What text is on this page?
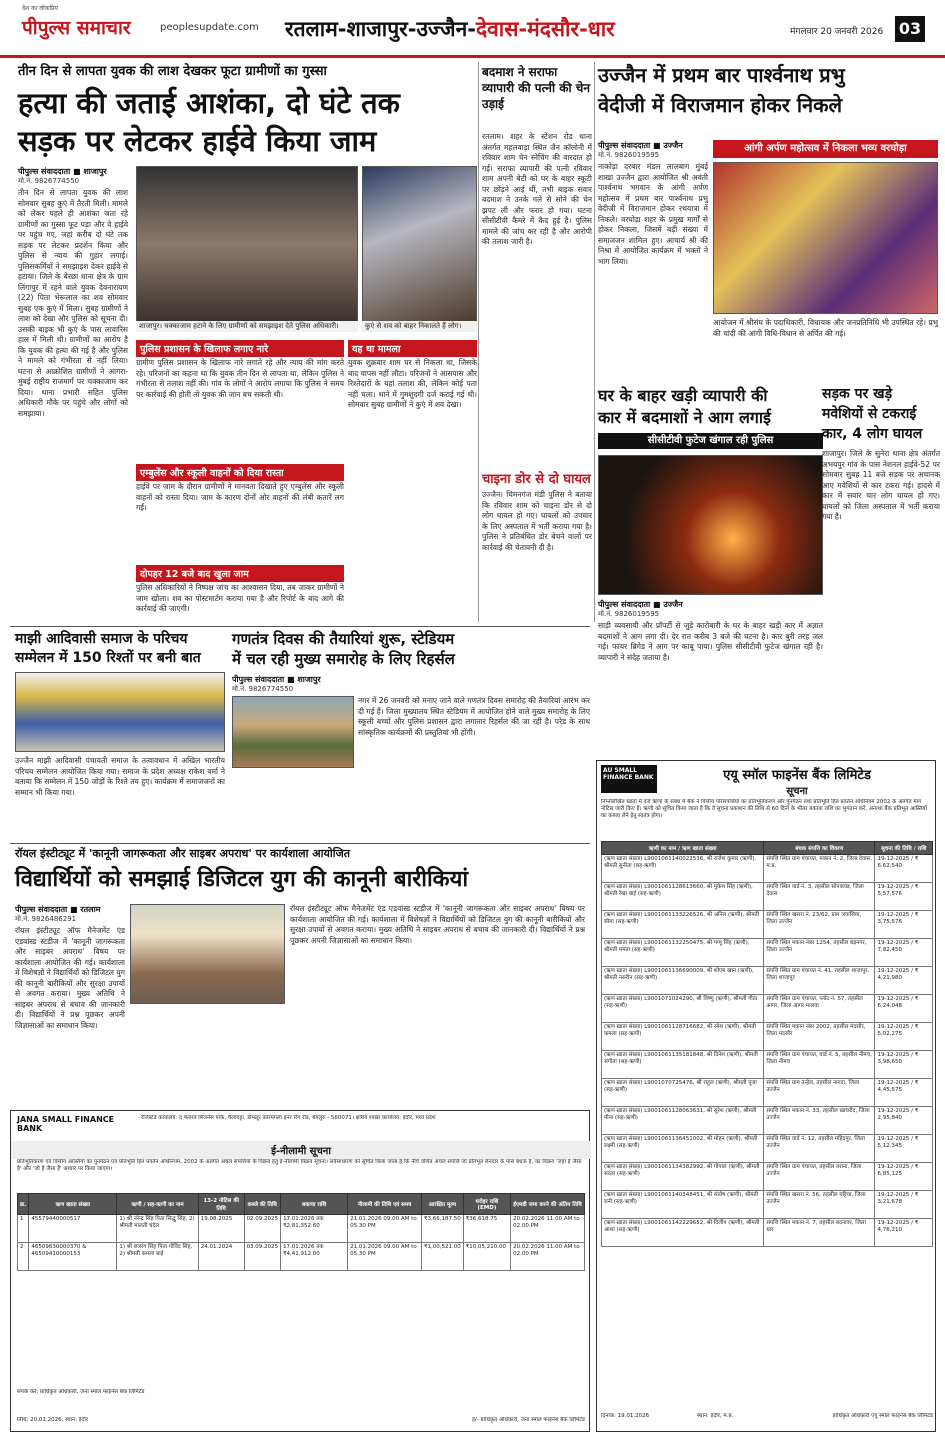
देश का लोकप्रिय
पीपुल्स समाचार	peoplesupdate.com रतलाम-शाजापुर-उज्जैन-देवास-मंदसौर-धार	मंगलवार 20 जनवरी 2026 03
तीन दिन से लापता युवक की लाश देखकर फूटा ग्रामीणों का गुस्सा
हत्या की जताई आशंका, दो घंटे तक
सड़क पर लेटकर हाईवे किया जाम
पीपुल्स संवाददाता ■ शाजापुर
मो.नं. 9826774550
तीन दिन से लापता युवक की लाश सोमवार सुबह कुएं में तैरती मिली। मामले को लेकर पहले ही आशंका जता रहे ग्रामीणों का गुस्सा फूट पड़ा और वे हाईवे पर पहुंच गए, जहां करीब दो घंटे तक सड़क पर लेटकर प्रदर्शन किया और पुलिस से न्याय की गुहार लगाई। पुलिसकर्मियों ने समझाइश देकर हाईवे से हटाया। जिले के बेरछा थाना क्षेत्र के ग्राम लिंगापुर में रहने वाले युवक देवनारायण (22) पिता भेरूलाल का शव सोमवार सुबह एक कुएं में मिला। सुबह ग्रामीणों ने लाश को देखा और पुलिस को सूचना दी। उसकी बाइक भी कुएं के पास लावारिस हाल में मिली थी। ग्रामीणों का आरोप है कि युवक की हत्या की गई है और पुलिस ने मामले को गंभीरता से नहीं लिया। घटना से आक्रोशित ग्रामीणों ने आगरा-मुंबई राष्ट्रीय राजमार्ग पर चक्काजाम कर दिया। थाना प्रभारी सहित पुलिस अधिकारी मौके पर पहुंचे और लोगों को समझाया।
शाजापुर। चक्काजाम हटाने के लिए ग्रामीणों को समझाइश देते पुलिस अधिकारी।	कुएं से शव को बाहर निकालते हैं लोग।
पुलिस प्रशासन के खिलाफ लगाए नारे
ग्रामीण पुलिस प्रशासन के खिलाफ नारे लगाते रहे और न्याय की मांग करते रहे। परिजनों का कहना था कि युवक तीन दिन से लापता था, लेकिन पुलिस ने गंभीरता से तलाश नहीं की। गांव के लोगों ने आरोप लगाया कि पुलिस ने समय पर कार्रवाई की होती तो युवक की जान बच सकती थी।
एम्बुलेंस और स्कूली वाहनों को दिया रास्ता
हाईवे पर जाम के दौरान ग्रामीणों ने मानवता दिखाते हुए एम्बुलेंस और स्कूली वाहनों को रास्ता दिया। जाम के कारण दोनों ओर वाहनों की लंबी कतारें लग गईं।
दोपहर 12 बजे बाद खुला जाम
पुलिस अधिकारियों ने निष्पक्ष जांच का आश्वासन दिया, तब जाकर ग्रामीणों ने जाम खोला। शव का पोस्टमार्टम कराया गया है और रिपोर्ट के बाद आगे की कार्रवाई की जाएगी।
यह था मामला
युवक शुक्रवार शाम घर से निकला था, जिसके बाद वापस नहीं लौटा। परिजनों ने आसपास और रिश्तेदारों के यहां तलाश की, लेकिन कोई पता नहीं चला। थाने में गुमशुदगी दर्ज कराई गई थी। सोमवार सुबह ग्रामीणों ने कुएं में शव देखा।
बदमाश ने सराफा व्यापारी की पत्नी की चेन उड़ाई
रतलाम। शहर के स्टेशन रोड थाना अंतर्गत महलवाड़ा स्थित जैन कॉलोनी में रविवार शाम चेन स्नेचिंग की वारदात हो गई। सराफा व्यापारी की पत्नी रविवार शाम अपनी बेटी को घर के बाहर स्कूटी पर छोड़ने आई थीं, तभी बाइक सवार बदमाश ने उनके गले से सोने की चेन झपट ली और फरार हो गया। घटना सीसीटीवी कैमरे में कैद हुई है। पुलिस मामले की जांच कर रही है और आरोपी की तलाश जारी है।
चाइना डोर से दो घायल
उज्जैन। चिमनगंज मंडी पुलिस ने बताया कि रविवार शाम को चाइना डोर से दो लोग घायल हो गए। घायलों को उपचार के लिए अस्पताल में भर्ती कराया गया है। पुलिस ने प्रतिबंधित डोर बेचने वालों पर कार्रवाई की चेतावनी दी है।
उज्जैन में प्रथम बार पार्श्वनाथ प्रभु
वेदीजी में विराजमान होकर निकले
पीपुल्स संवाददाता ■ उज्जैन
मो.नं. 9826019595
आंगी अर्पण महोत्सव में निकला भव्य वरघोड़ा
नाकोड़ा दरबार मंडल लालबाग मुंबई शाखा उज्जैन द्वारा आयोजित श्री अवंती पार्श्वनाथ भगवान के आंगी अर्पण महोत्सव में प्रथम बार पार्श्वनाथ प्रभु वेदीजी में विराजमान होकर रथयात्रा में निकले। वरघोड़ा शहर के प्रमुख मार्गों से होकर निकला, जिसमें बड़ी संख्या में समाजजन शामिल हुए। आचार्य श्री की निश्रा में आयोजित कार्यक्रम में भक्तों ने भाग लिया।
आयोजन में श्रीसंघ के पदाधिकारी, विधायक और जनप्रतिनिधि भी उपस्थित रहे। प्रभु की चांदी की आंगी विधि-विधान से अर्पित की गई।
घर के बाहर खड़ी व्यापारी की
कार में बदमाशों ने आग लगाई
सीसीटीवी फुटेज खंगाल रही पुलिस
पीपुल्स संवाददाता ■ उज्जैन
मो.नं. 9826019595
साड़ी व्यवसायी और प्रॉपर्टी से जुड़े कारोबारी के घर के बाहर खड़ी कार में अज्ञात बदमाशों ने आग लगा दी। देर रात करीब 3 बजे की घटना है। कार बुरी तरह जल गई। फायर ब्रिगेड ने आग पर काबू पाया। पुलिस सीसीटीवी फुटेज खंगाल रही है। व्यापारी ने संदेह जताया है।
सड़क पर खड़े
मवेशियों से टकराई
कार, 4 लोग घायल
शाजापुर। जिले के सुनेरा थाना क्षेत्र अंतर्गत अभयपुर गांव के पास नेशनल हाईवे-52 पर सोमवार सुबह 11 बजे सड़क पर अचानक आए मवेशियों से कार टकरा गई। हादसे में कार में सवार चार लोग घायल हो गए। घायलों को जिला अस्पताल में भर्ती कराया गया है।
माझी आदिवासी समाज के परिचय
सम्मेलन में 150 रिश्तों पर बनी बात
उज्जैन माझी आदिवासी पंचायती समाज के तत्वावधान में अखिल भारतीय परिचय सम्मेलन आयोजित किया गया। समाज के प्रदेश अध्यक्ष राकेश वर्मा ने बताया कि सम्मेलन में 150 जोड़ों के रिश्ते तय हुए। कार्यक्रम में समाजजनों का सम्मान भी किया गया।
गणतंत्र दिवस की तैयारियां शुरू, स्टेडियम
में चल रही मुख्य समारोह के लिए रिहर्सल
पीपुल्स संवाददाता ■ शाजापुर
मो.नं. 9826774550
नगर में 26 जनवरी को मनाए जाने वाले गणतंत्र दिवस समारोह की तैयारियां आरंभ कर दी गई हैं। जिला मुख्यालय स्थित स्टेडियम में आयोजित होने वाले मुख्य समारोह के लिए स्कूली बच्चों और पुलिस प्रशासन द्वारा लगातार रिहर्सल की जा रही है। परेड के साथ सांस्कृतिक कार्यक्रमों की प्रस्तुतियां भी होंगी।
रॉयल इंस्टीट्यूट में 'कानूनी जागरूकता और साइबर अपराध' पर कार्यशाला आयोजित
विद्यार्थियों को समझाई डिजिटल युग की कानूनी बारीकियां
पीपुल्स संवाददाता ■ रतलाम
मो.नं. 9826486291
रॉयल इंस्टीट्यूट ऑफ मैनेजमेंट एंड एडवांस्ड स्टडीज में 'कानूनी जागरूकता और साइबर अपराध' विषय पर कार्यशाला आयोजित की गई। कार्यशाला में विशेषज्ञों ने विद्यार्थियों को डिजिटल युग की कानूनी बारीकियों और सुरक्षा उपायों से अवगत कराया। मुख्य अतिथि ने साइबर अपराध से बचाव की जानकारी दी। विद्यार्थियों ने प्रश्न पूछकर अपनी जिज्ञासाओं का समाधान किया।
रॉयल इंस्टीट्यूट ऑफ मैनेजमेंट एंड एडवांस्ड स्टडीज में 'कानूनी जागरूकता और साइबर अपराध' विषय पर कार्यशाला आयोजित की गई। कार्यशाला में विशेषज्ञों ने विद्यार्थियों को डिजिटल युग की कानूनी बारीकियों और सुरक्षा उपायों से अवगत कराया। मुख्य अतिथि ने साइबर अपराध से बचाव की जानकारी दी। विद्यार्थियों ने प्रश्न पूछकर अपनी जिज्ञासाओं का समाधान किया।
JANA SMALL FINANCE BANK
रजिस्टर्ड कार्यालय: द फेयरवे बिजनेस पार्क, चैलाघट्टा, डोमलूर कोरमंगला इनर रिंग रोड, बेंगलुरु - 560071। क्षेत्रीय शाखा कार्यालय: इंदौर, मध्य प्रदेश
ई-नीलामी सूचना
प्रतिभूतिकरण एवं वित्तीय आस्तियों का पुनर्गठन एवं प्रतिभूति हित प्रवर्तन अधिनियम, 2002 के अंतर्गत अचल संपत्तियों के विक्रय हेतु ई-नीलामी विक्रय सूचना। सर्वसाधारण को सूचित किया जाता है कि नीचे वर्णित अचल संपत्ति जो प्रतिभूत लेनदार के पास बंधक है, का विक्रय 'जहां है जैसा है' और 'जो है जैसा है' आधार पर किया जाएगा।
क्र.	ऋण खाता संख्या	ऋणी / सह-ऋणी का नाम	13-2 नोटिस की तिथि	कब्जे की तिथि	बकाया राशि	नीलामी की तिथि एवं समय	आरक्षित मूल्य	धरोहर राशि (EMD)	ईएमडी जमा करने की अंतिम तिथि
1	45579440000517	1) श्री नरेन्द्र सिंह पिता सिद्धु सिंह, 2) श्रीमती मालती चंदेल	19.08.2025	02.09.2025	17.01.2026 तक ₹2,81,352.60	21.01.2026 09.00 AM to 05.30 PM	₹3,66,187.50	₹36,618.75	20.02.2026 11.00 AM to 02.00 PM
2	46509630000370 & 46509410000153	1) श्री बजरंग सिंह पिता गोविंद सिंह, 2) श्रीमती कमला बाई	24.01.2024	03.09.2025	17.01.2026 तक ₹4,41,912.00	21.01.2026 09.00 AM to 05.30 PM	₹1,00,521.00	₹10,05,210.00	20.02.2026 11.00 AM to 02.00 PM
संपर्क करें: प्राधिकृत अधिकारी, जना स्मॉल फाइनेंस बैंक लिमिटेड
तिथि: 20.01.2026, स्थान: इंदौर	ह/- प्राधिकृत अधिकारी, जना स्मॉल फाइनेंस बैंक लिमिटेड
AU SMALL FINANCE BANK	एयू स्मॉल फाइनेंस बैंक लिमिटेड
सूचना
निम्नलिखित खातों में दर्ज ऋणों के संबंध में बैंक ने वित्तीय परिसंपत्तियों का प्रतिभूतिकरण और पुनर्गठन तथा प्रतिभूति हित प्रवर्तन अधिनियम 2002 के अंतर्गत मांग नोटिस जारी किए हैं। ऋणी को सूचित किया जाता है कि वे सूचना प्रकाशन की तिथि से 60 दिनों के भीतर बकाया राशि का भुगतान करें, अन्यथा बैंक प्रतिभूत आस्तियों का कब्जा लेने हेतु स्वतंत्र होगा।
ऋणी का नाम / ऋण खाता संख्या	बंधक संपत्ति का विवरण	सूचना की तिथि / राशि
(ऋण खाता संख्या) L9001061140022536, श्री राजेश कुमार (ऋणी), श्रीमती सुनीता (सह-ऋणी)	संपत्ति स्थित ग्राम पंचायत, मकान नं. 2, जिला देवास, म.प्र.	19-12-2025 / ₹ 6,62,540
(ऋण खाता संख्या) L9001061128613660, श्री मुकेश सिंह (ऋणी), श्रीमती रेखा बाई (सह-ऋणी)	संपत्ति स्थित वार्ड नं. 3, तहसील सोनकच्छ, जिला देवास	19-12-2025 / ₹ 5,57,576
(ऋण खाता संख्या) L9001061133226526, श्री अनिल (ऋणी), श्रीमती सीमा (सह-ऋणी)	संपत्ति स्थित खसरा नं. 23/62, ग्राम जवासिया, जिला उज्जैन	19-12-2025 / ₹ 3,75,576
(ऋण खाता संख्या) L9001061132250475, श्री पप्पू सिंह (ऋणी), श्रीमती ममता (सह-ऋणी)	संपत्ति स्थित मकान नंबर 1254, तहसील बड़नगर, जिला उज्जैन	19-12-2025 / ₹ 7,82,450
(ऋण खाता संख्या) L9001061136690009, श्री शोएब खान (ऋणी), श्रीमती नसरीन (सह-ऋणी)	संपत्ति स्थित ग्राम पंचायत नं. 41, तहसील शाजापुर, जिला शाजापुर	19-12-2025 / ₹ 4,21,980
(ऋण खाता संख्या) L9001071024290, श्री विष्णु (ऋणी), श्रीमती गीता (सह-ऋणी)	संपत्ति स्थित ग्राम पंचायत, प्लॉट नं. 57, तहसील आगर, जिला आगर मालवा	19-12-2025 / ₹ 6,24,048
(ऋण खाता संख्या) L9001061128716682, श्री रमेश (ऋणी), श्रीमती कमला (सह-ऋणी)	संपत्ति स्थित मकान नंबर 2002, तहसील मंदसौर, जिला मंदसौर	19-12-2025 / ₹ 5,02,275
(ऋण खाता संख्या) L9001061135181848, श्री दिनेश (ऋणी), श्रीमती संगीता (सह-ऋणी)	संपत्ति स्थित ग्राम पंचायत, वार्ड नं. 5, तहसील नीमच, जिला नीमच	19-12-2025 / ₹ 3,98,650
(ऋण खाता संख्या) L9001070725476, श्री राहुल (ऋणी), श्रीमती पूजा (सह-ऋणी)	संपत्ति स्थित ग्राम उन्हेल, तहसील नागदा, जिला उज्जैन	19-12-2025 / ₹ 4,45,575
(ऋण खाता संख्या) L9001061128063631, श्री सुरेश (ऋणी), श्रीमती मीना (सह-ऋणी)	संपत्ति स्थित मकान नं. 33, तहसील खाचरौद, जिला उज्जैन	19-12-2025 / ₹ 2,95,840
(ऋण खाता संख्या) L9001061136451002, श्री मोहन (ऋणी), श्रीमती लक्ष्मी (सह-ऋणी)	संपत्ति स्थित वार्ड नं. 12, तहसील महिदपुर, जिला उज्जैन	19-12-2025 / ₹ 5,12,345
(ऋण खाता संख्या) L9001061134382992, श्री गोपाल (ऋणी), श्रीमती सरला (सह-ऋणी)	संपत्ति स्थित ग्राम पंचायत, तहसील तराना, जिला उज्जैन	19-12-2025 / ₹ 6,85,125
(ऋण खाता संख्या) L9001061140348451, श्री संतोष (ऋणी), श्रीमती रानी (सह-ऋणी)	संपत्ति स्थित खसरा नं. 56, तहसील घट्टिया, जिला उज्जैन	19-12-2025 / ₹ 3,21,678
(ऋण खाता संख्या) L9001061142229652, श्री दिलीप (ऋणी), श्रीमती आशा (सह-ऋणी)	संपत्ति स्थित मकान नं. 7, तहसील बदनावर, जिला धार	19-12-2025 / ₹ 4,76,210
दिनांक: 19.01.2026	स्थान: इंदौर, म.प्र.	प्राधिकृत अधिकारी एयू स्मॉल फाइनेंस बैंक लिमिटेड
